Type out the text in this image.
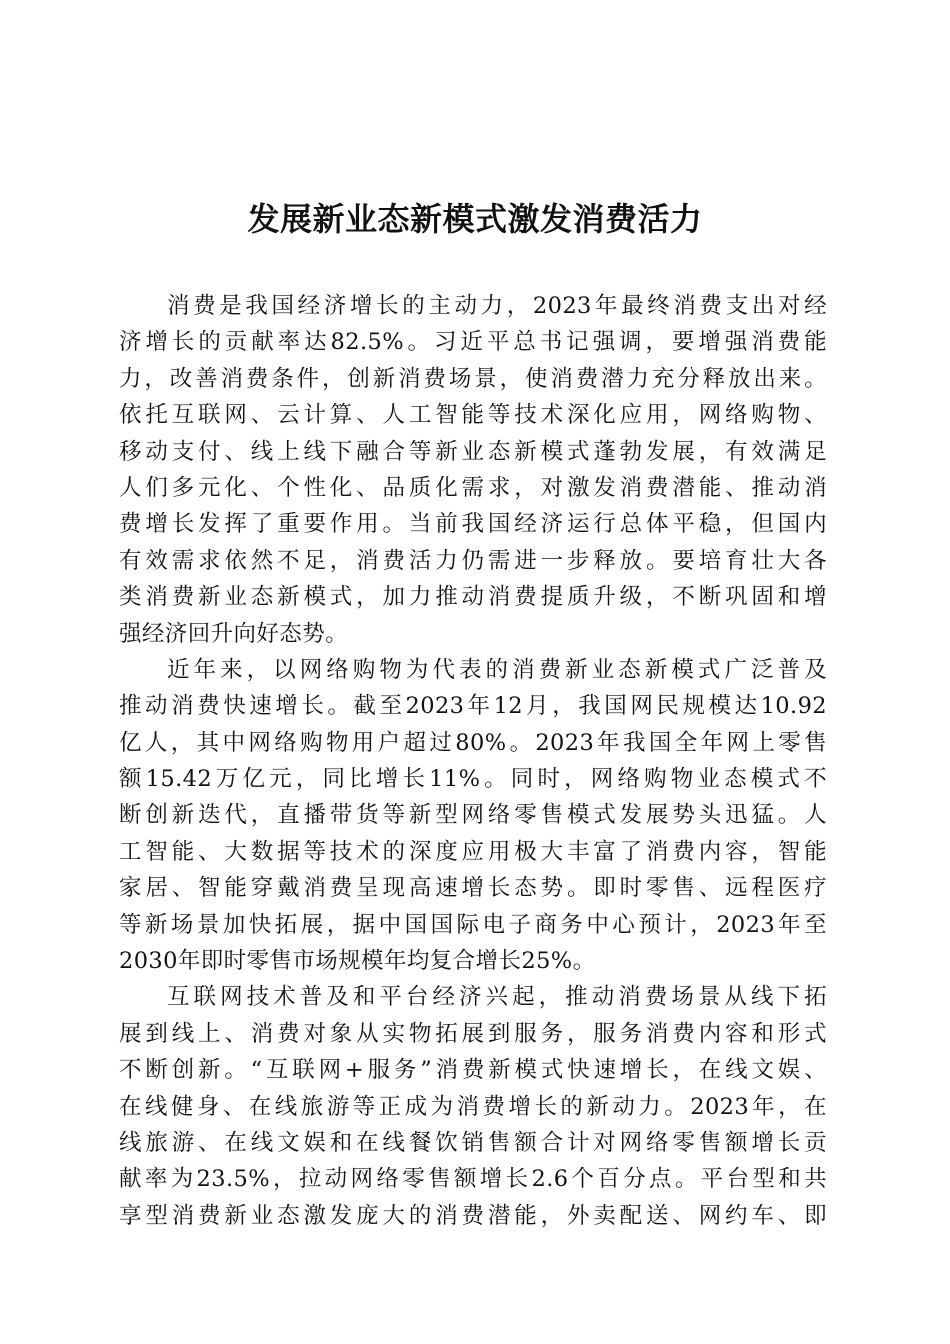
发展新业态新模式激发消费活力
消费是我国经济增长的主动力，2023年最终消费支出对经
济增长的贡献率达82.5%。习近平总书记强调，要增强消费能
力，改善消费条件，创新消费场景，使消费潜力充分释放出来。
依托互联网、云计算、人工智能等技术深化应用，网络购物、
移动支付、线上线下融合等新业态新模式蓬勃发展，有效满足
人们多元化、个性化、品质化需求，对激发消费潜能、推动消
费增长发挥了重要作用。当前我国经济运行总体平稳，但国内
有效需求依然不足，消费活力仍需进一步释放。要培育壮大各
类消费新业态新模式，加力推动消费提质升级，不断巩固和增
强经济回升向好态势。
近年来，以网络购物为代表的消费新业态新模式广泛普及
推动消费快速增长。截至2023年12月，我国网民规模达10.92
亿人，其中网络购物用户超过80%。2023年我国全年网上零售
额15.42万亿元，同比增长11%。同时，网络购物业态模式不
断创新迭代，直播带货等新型网络零售模式发展势头迅猛。人
工智能、大数据等技术的深度应用极大丰富了消费内容，智能
家居、智能穿戴消费呈现高速增长态势。即时零售、远程医疗
等新场景加快拓展，据中国国际电子商务中心预计，2023年至
2030年即时零售市场规模年均复合增长25%。
互联网技术普及和平台经济兴起，推动消费场景从线下拓
展到线上、消费对象从实物拓展到服务，服务消费内容和形式
不断创新。“互联网+服务”消费新模式快速增长，在线文娱、
在线健身、在线旅游等正成为消费增长的新动力。2023年，在
线旅游、在线文娱和在线餐饮销售额合计对网络零售额增长贡
献率为23.5%，拉动网络零售额增长2.6个百分点。平台型和共
享型消费新业态激发庞大的消费潜能，外卖配送、网约车、即
